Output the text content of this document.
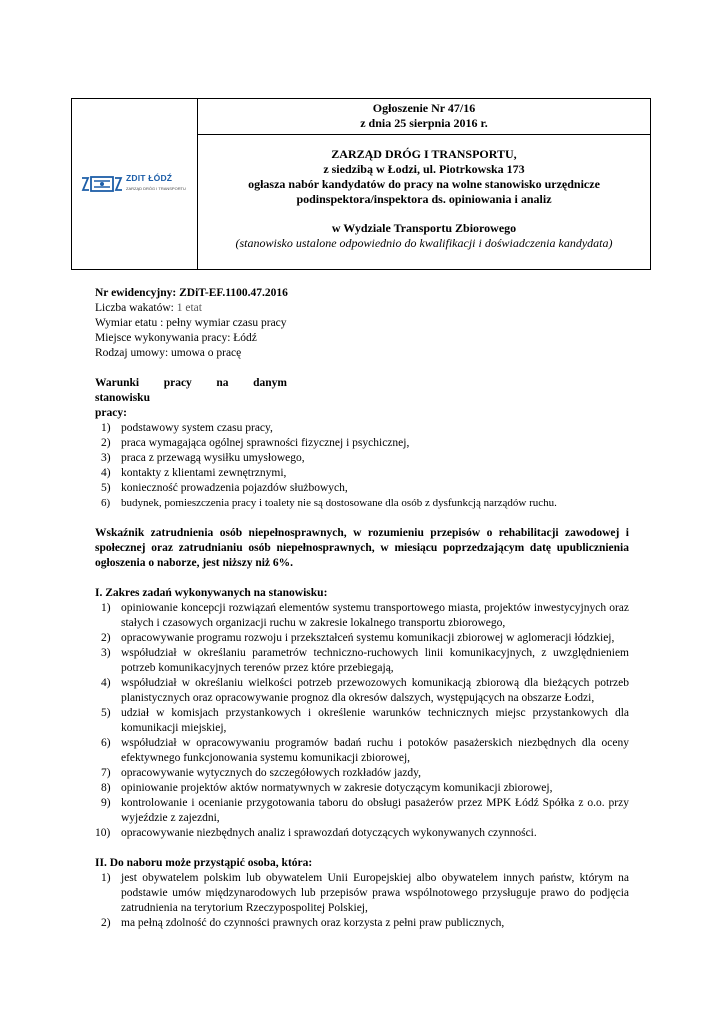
ZDIT ŁÓDŹ
ZARZĄD DRÓG I TRANSPORTU
Ogłoszenie Nr 47/16
z dnia 25 sierpnia 2016 r.
ZARZĄD DRÓG I TRANSPORTU,
z siedzibą w Łodzi, ul. Piotrkowska 173
ogłasza nabór kandydatów do pracy na wolne stanowisko urzędnicze
podinspektora/inspektora ds. opiniowania i analiz
w Wydziale Transportu Zbiorowego
(stanowisko ustalone odpowiednio do kwalifikacji i doświadczenia kandydata)

Nr ewidencyjny: ZDiT-EF.1100.47.2016

Liczba wakatów: 1 etat

Wymiar etatu : pełny wymiar czasu pracy

Miejsce wykonywania pracy: Łódź

Rodzaj umowy: umowa o pracę

Warunki pracy na danym stanowisku

pracy:

1) podstawowy system czasu pracy,
2) praca wymagająca ogólnej sprawności fizycznej i psychicznej,
3) praca z przewagą wysiłku umysłowego,
4) kontakty z klientami zewnętrznymi,
5) konieczność prowadzenia pojazdów służbowych,
6) budynek, pomieszczenia pracy i toalety nie są dostosowane dla osób z dysfunkcją narządów ruchu.

Wskaźnik zatrudnienia osób niepełnosprawnych, w rozumieniu przepisów o rehabilitacji zawodowej i społecznej oraz zatrudnianiu osób niepełnosprawnych, w miesiącu poprzedzającym datę upublicznienia ogłoszenia o naborze, jest niższy niż 6%.

I. Zakres zadań wykonywanych na stanowisku:

1) opiniowanie koncepcji rozwiązań elementów systemu transportowego miasta, projektów inwestycyjnych oraz stałych i czasowych organizacji ruchu w zakresie lokalnego transportu zbiorowego,
2) opracowywanie programu rozwoju i przekształceń systemu komunikacji zbiorowej w aglomeracji łódzkiej,
3) współudział w określaniu parametrów techniczno-ruchowych linii komunikacyjnych, z uwzględnieniem potrzeb komunikacyjnych terenów przez które przebiegają,
4) współudział w określaniu wielkości potrzeb przewozowych komunikacją zbiorową dla bieżących potrzeb planistycznych oraz opracowywanie prognoz dla okresów dalszych, występujących na obszarze Łodzi,
5) udział w komisjach przystankowych i określenie warunków technicznych miejsc przystankowych dla komunikacji miejskiej,
6) współudział w opracowywaniu programów badań ruchu i potoków pasażerskich niezbędnych dla oceny efektywnego funkcjonowania systemu komunikacji zbiorowej,
7) opracowywanie wytycznych do szczegółowych rozkładów jazdy,
8) opiniowanie projektów aktów normatywnych w zakresie dotyczącym komunikacji zbiorowej,
9) kontrolowanie i ocenianie przygotowania taboru do obsługi pasażerów przez MPK Łódź Spółka z o.o. przy wyjeździe z zajezdni,
10) opracowywanie niezbędnych analiz i sprawozdań dotyczących wykonywanych czynności.

II. Do naboru może przystąpić osoba, która:

1) jest obywatelem polskim lub obywatelem Unii Europejskiej albo obywatelem innych państw, którym na podstawie umów międzynarodowych lub przepisów prawa wspólnotowego przysługuje prawo do podjęcia zatrudnienia na terytorium Rzeczypospolitej Polskiej,
2) ma pełną zdolność do czynności prawnych oraz korzysta z pełni praw publicznych,
